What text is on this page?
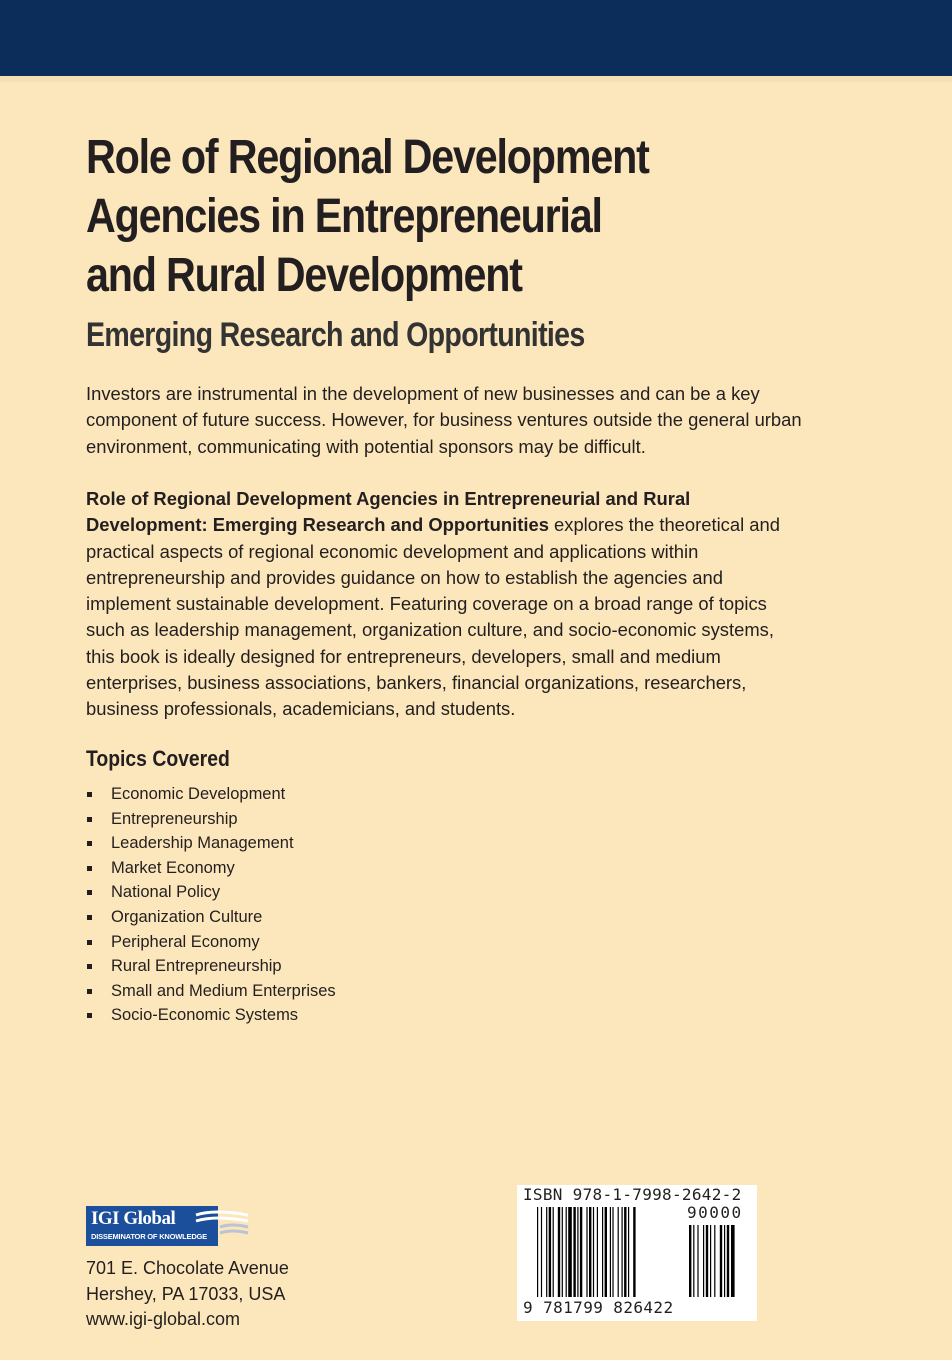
Role of Regional Development
Agencies in Entrepreneurial
and Rural Development
Emerging Research and Opportunities

Investors are instrumental in the development of new businesses and can be a key component of future success. However, for business ventures outside the general urban environment, communicating with potential sponsors may be difficult.

Role of Regional Development Agencies in Entrepreneurial and Rural Development: Emerging Research and Opportunities explores the theoretical and practical aspects of regional economic development and applications within entrepreneurship and provides guidance on how to establish the agencies and implement sustainable development. Featuring coverage on a broad range of topics such as leadership management, organization culture, and socio-economic systems, this book is ideally designed for entrepreneurs, developers, small and medium enterprises, business associations, bankers, financial organizations, researchers, business professionals, academicians, and students.

Topics Covered
Economic Development
Entrepreneurship
Leadership Management
Market Economy
National Policy
Organization Culture
Peripheral Economy
Rural Entrepreneurship
Small and Medium Enterprises
Socio-Economic Systems
IGI Global
DISSEMINATOR OF KNOWLEDGE
701 E. Chocolate Avenue
Hershey, PA 17033, USA
www.igi-global.com
ISBN 978-1-7998-2642-2
90000
9 781799 826422
